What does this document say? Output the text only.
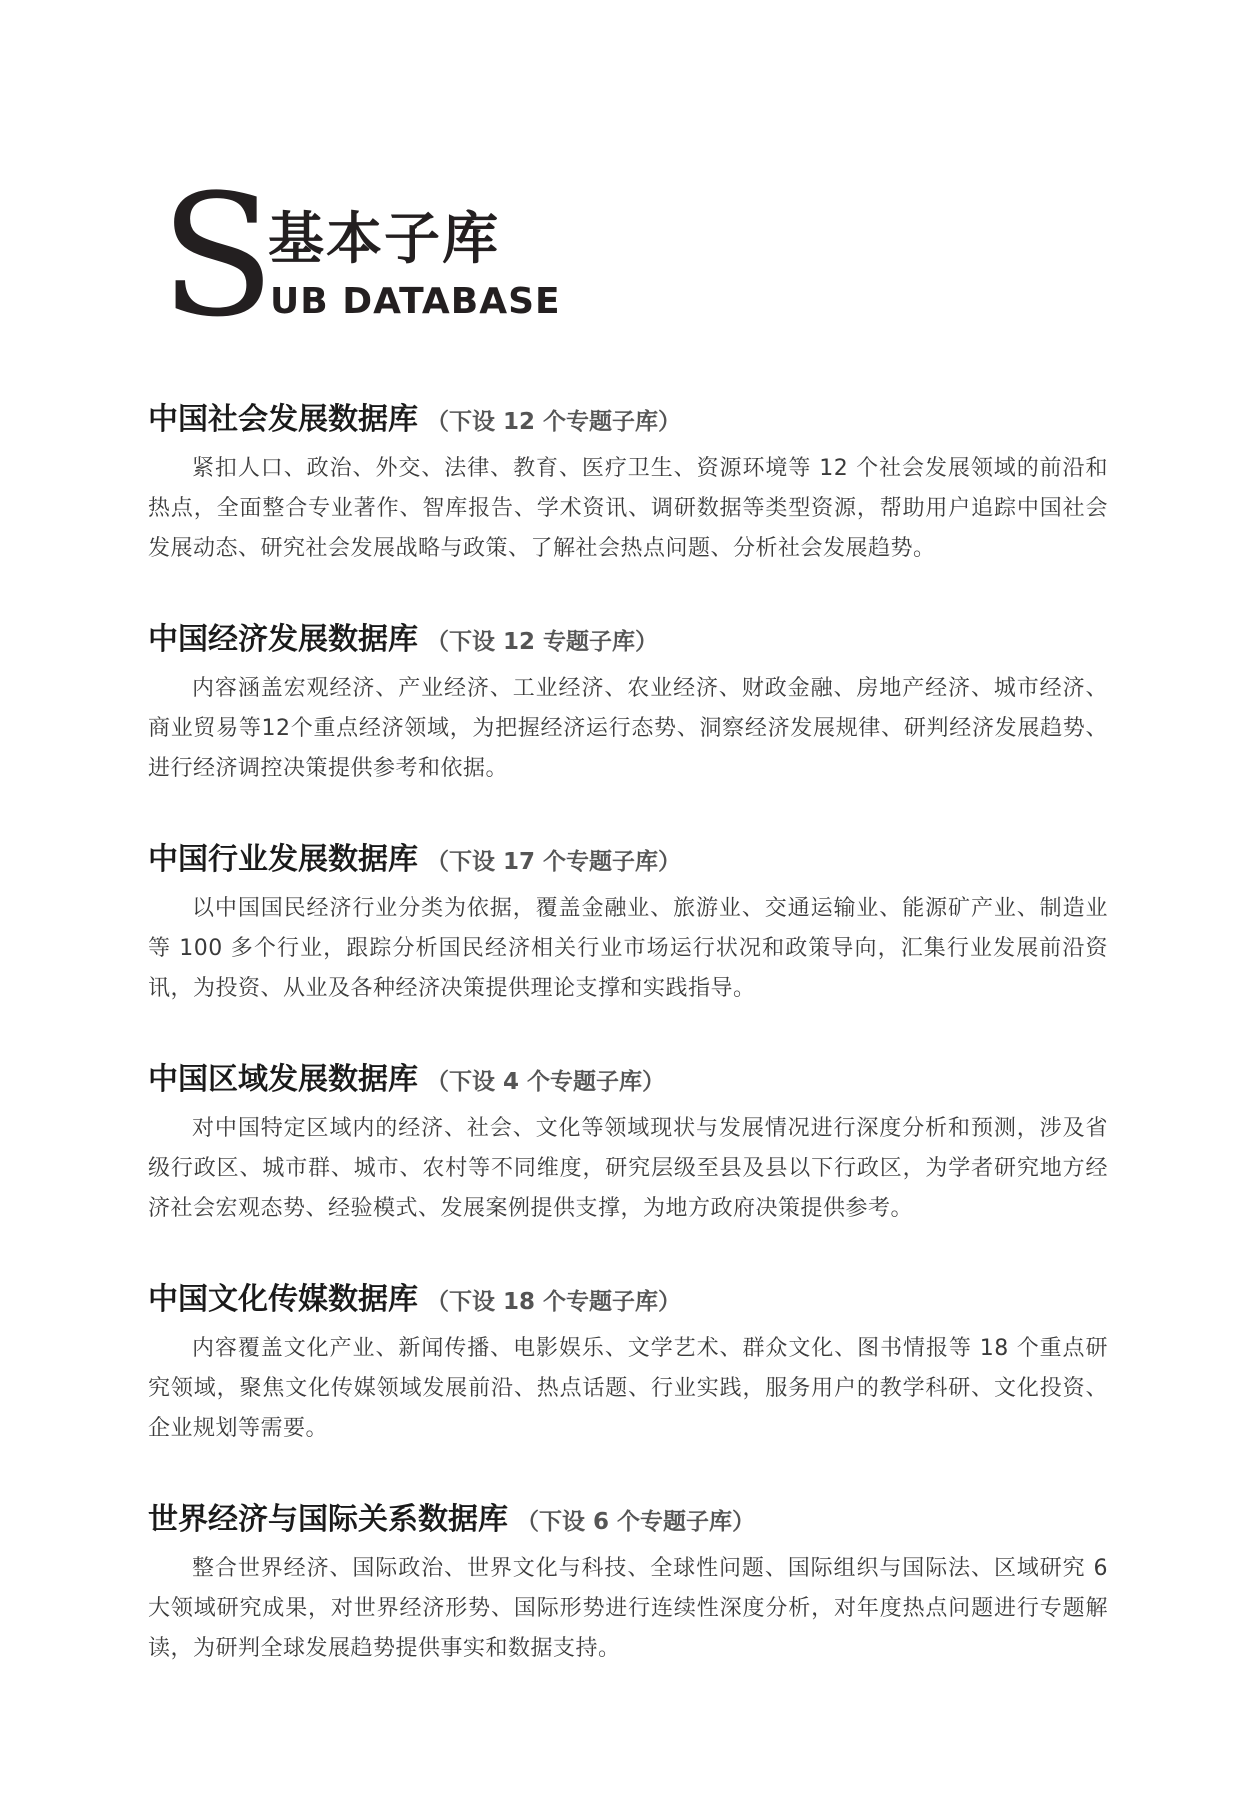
S
基本子库
UB DATABASE
中国社会发展数据库 （下设 12 个专题子库）
紧扣人口、政治、外交、法律、教育、医疗卫生、资源环境等 12 个社会发展领域的前沿和热点，全面整合专业著作、智库报告、学术资讯、调研数据等类型资源，帮助用户追踪中国社会发展动态、研究社会发展战略与政策、了解社会热点问题、分析社会发展趋势。
中国经济发展数据库 （下设 12 专题子库）
内容涵盖宏观经济、产业经济、工业经济、农业经济、财政金融、房地产经济、城市经济、商业贸易等12个重点经济领域，为把握经济运行态势、洞察经济发展规律、研判经济发展趋势、进行经济调控决策提供参考和依据。
中国行业发展数据库 （下设 17 个专题子库）
以中国国民经济行业分类为依据，覆盖金融业、旅游业、交通运输业、能源矿产业、制造业等 100 多个行业，跟踪分析国民经济相关行业市场运行状况和政策导向，汇集行业发展前沿资讯，为投资、从业及各种经济决策提供理论支撑和实践指导。
中国区域发展数据库 （下设 4 个专题子库）
对中国特定区域内的经济、社会、文化等领域现状与发展情况进行深度分析和预测，涉及省级行政区、城市群、城市、农村等不同维度，研究层级至县及县以下行政区，为学者研究地方经济社会宏观态势、经验模式、发展案例提供支撑，为地方政府决策提供参考。
中国文化传媒数据库 （下设 18 个专题子库）
内容覆盖文化产业、新闻传播、电影娱乐、文学艺术、群众文化、图书情报等 18 个重点研究领域，聚焦文化传媒领域发展前沿、热点话题、行业实践，服务用户的教学科研、文化投资、企业规划等需要。
世界经济与国际关系数据库 （下设 6 个专题子库）
整合世界经济、国际政治、世界文化与科技、全球性问题、国际组织与国际法、区域研究 6 大领域研究成果，对世界经济形势、国际形势进行连续性深度分析，对年度热点问题进行专题解读，为研判全球发展趋势提供事实和数据支持。
